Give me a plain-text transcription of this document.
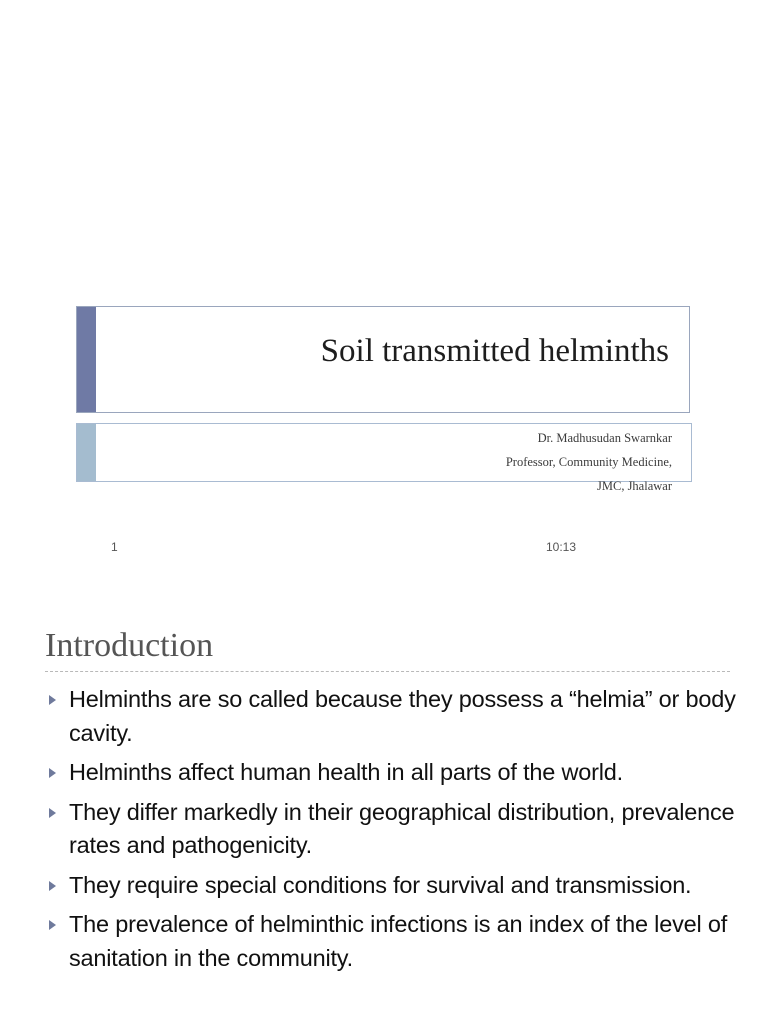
Soil transmitted helminths
Dr. Madhusudan Swarnkar
Professor, Community Medicine,
JMC, Jhalawar
1	10:13
Introduction
Helminths are so called because they possess a “helmia” or body cavity.
Helminths affect human health in all parts of the world.
They differ markedly in their geographical distribution, prevalence rates and pathogenicity.
They require special conditions for survival and transmission.
The prevalence of helminthic infections is an index of the level of sanitation in the community.
